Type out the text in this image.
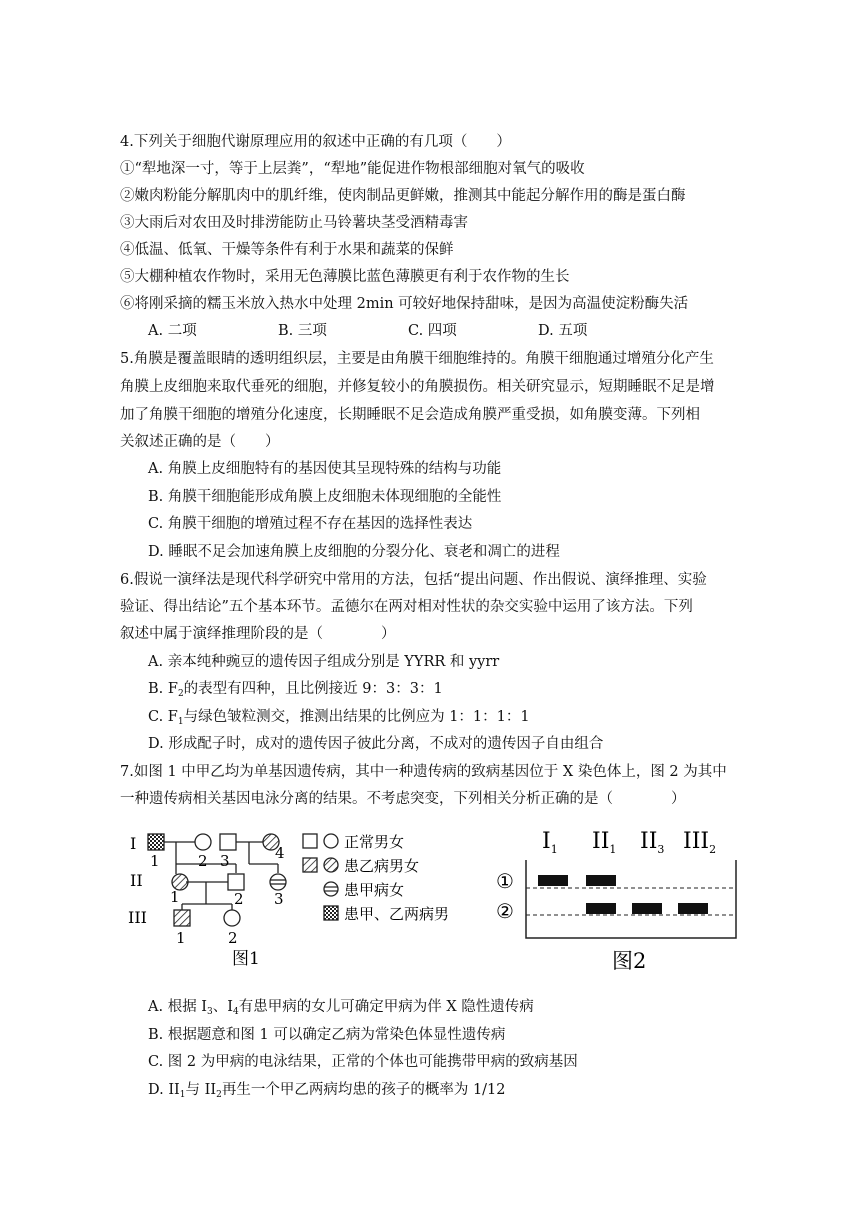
4.下列关于细胞代谢原理应用的叙述中正确的有几项（　　）
①“犁地深一寸，等于上层粪”，“犁地”能促进作物根部细胞对氧气的吸收
②嫩肉粉能分解肌肉中的肌纤维，使肉制品更鲜嫩，推测其中能起分解作用的酶是蛋白酶
③大雨后对农田及时排涝能防止马铃薯块茎受酒精毒害
④低温、低氧、干燥等条件有利于水果和蔬菜的保鲜
⑤大棚种植农作物时，采用无色薄膜比蓝色薄膜更有利于农作物的生长
⑥将刚采摘的糯玉米放入热水中处理 2min 可较好地保持甜味，是因为高温使淀粉酶失活
A. 二项	B. 三项	C. 四项	D. 五项
5.角膜是覆盖眼睛的透明组织层，主要是由角膜干细胞维持的。角膜干细胞通过增殖分化产生
角膜上皮细胞来取代垂死的细胞，并修复较小的角膜损伤。相关研究显示，短期睡眠不足是增
加了角膜干细胞的增殖分化速度，长期睡眠不足会造成角膜严重受损，如角膜变薄。下列相
关叙述正确的是（　　）
A. 角膜上皮细胞特有的基因使其呈现特殊的结构与功能
B. 角膜干细胞能形成角膜上皮细胞未体现细胞的全能性
C. 角膜干细胞的增殖过程不存在基因的选择性表达
D. 睡眠不足会加速角膜上皮细胞的分裂分化、衰老和凋亡的进程
6.假说一演绎法是现代科学研究中常用的方法，包括“提出问题、作出假说、演绎推理、实验
验证、得出结论”五个基本环节。孟德尔在两对相对性状的杂交实验中运用了该方法。下列
叙述中属于演绎推理阶段的是（　　　　）
A. 亲本纯种豌豆的遗传因子组成分别是 YYRR 和 yyrr
B. $F_2$的表型有四种，且比例接近 9：3：3：1
C. $F_1$与绿色皱粒测交，推测出结果的比例应为 1：1：1：1
D. 形成配子时，成对的遗传因子彼此分离，不成对的遗传因子自由组合
7.如图 1 中甲乙均为单基因遗传病，其中一种遗传病的致病基因位于 X 染色体上，图 2 为其中
一种遗传病相关基因电泳分离的结果。不考虑突变，下列相关分析正确的是（　　　　）
I
II
III
1	2 3	4
1	2 3
1	2
正常男女
患乙病男女
患甲病女
患甲、乙两病男
图1
$I_1$ $II_1$ $II_3$ $III_2$
①
②
图2
A. 根据 $I_3$、$I_4$有患甲病的女儿可确定甲病为伴 X 隐性遗传病
B. 根据题意和图 1 可以确定乙病为常染色体显性遗传病
C. 图 2 为甲病的电泳结果，正常的个体也可能携带甲病的致病基因
D. $II_1$与 $II_2$再生一个甲乙两病均患的孩子的概率为 1/12
